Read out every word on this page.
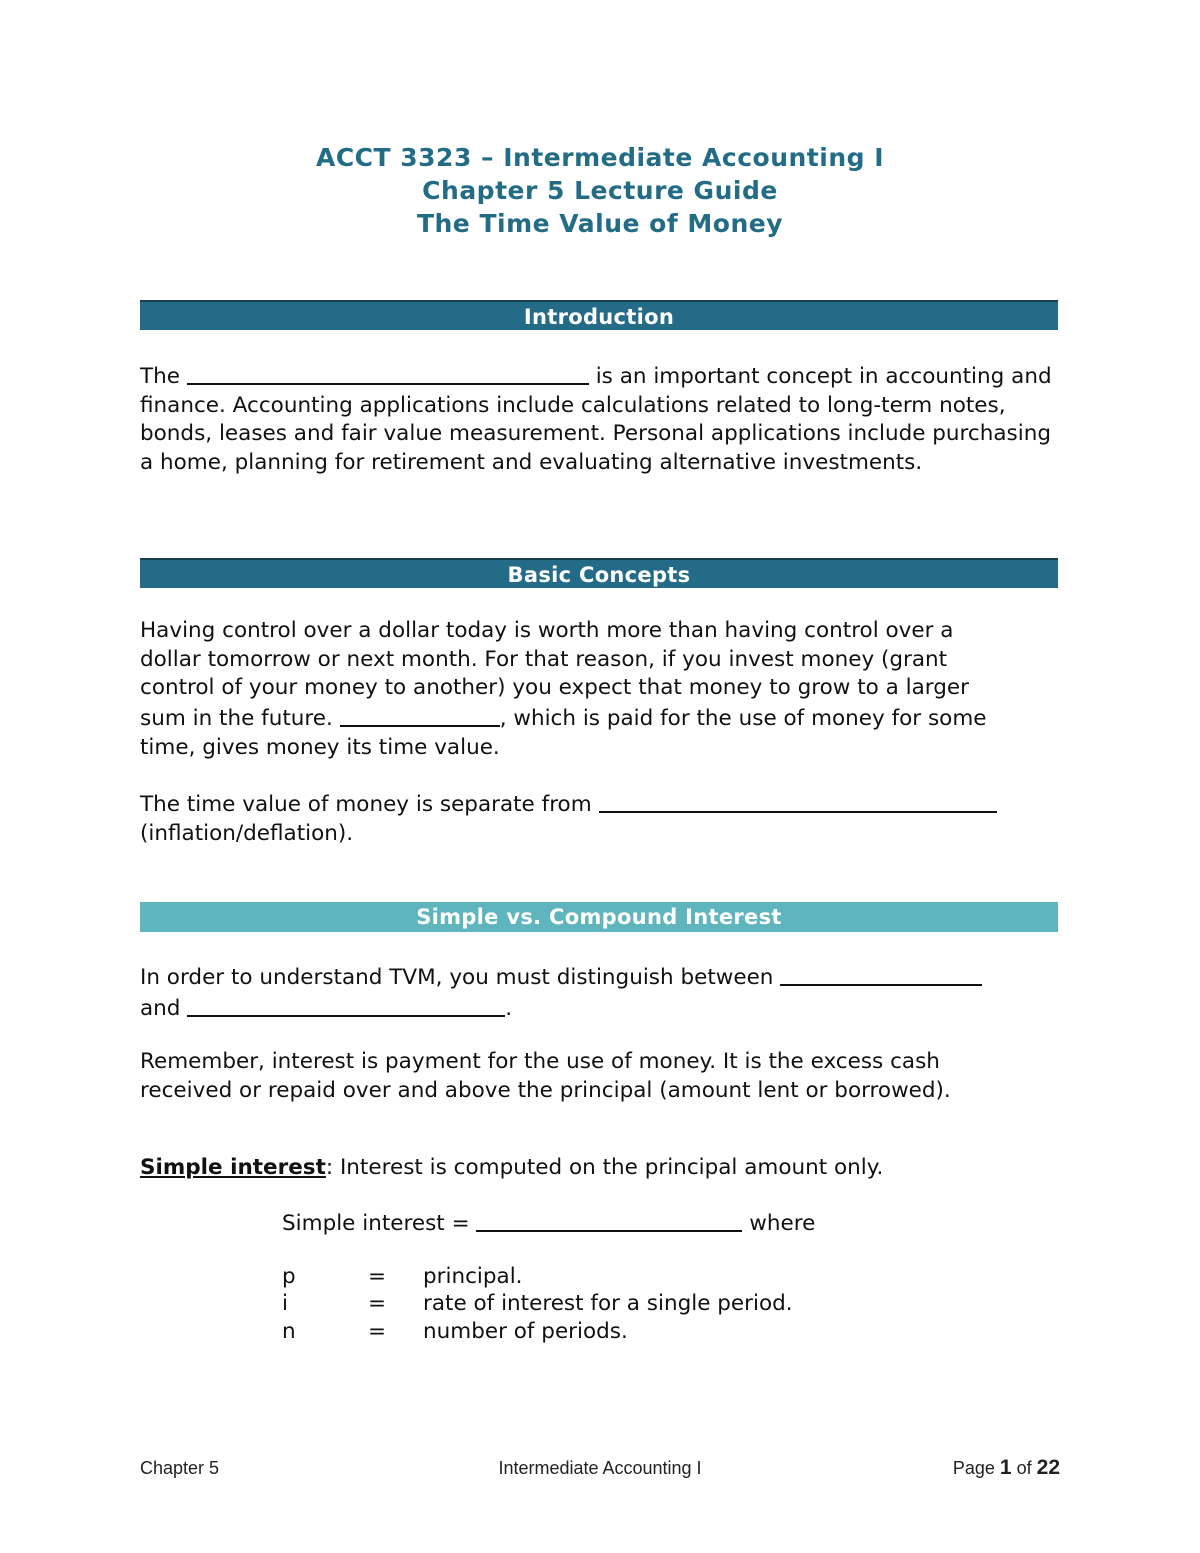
ACCT 3323 – Intermediate Accounting I
Chapter 5 Lecture Guide
The Time Value of Money
Introduction
The	is an important concept in accounting and finance. Accounting applications include calculations related to long-term notes, bonds, leases and fair value measurement. Personal applications include purchasing a home, planning for retirement and evaluating alternative investments.
Basic Concepts
Having control over a dollar today is worth more than having control over a
dollar tomorrow or next month. For that reason, if you invest money (grant
control of your money to another) you expect that money to grow to a larger
sum in the future.	, which is paid for the use of money for some
time, gives money its time value.
The time value of money is separate from
(inflation/deflation).
Simple vs. Compound Interest
In order to understand TVM, you must distinguish between
and	.
Remember, interest is payment for the use of money. It is the excess cash
received or repaid over and above the principal (amount lent or borrowed).
Simple interest: Interest is computed on the principal amount only.
Simple interest =	where
p	= principal.
i	= rate of interest for a single period.
n	= number of periods.
Chapter 5	Intermediate Accounting I	Page 1 of 22
